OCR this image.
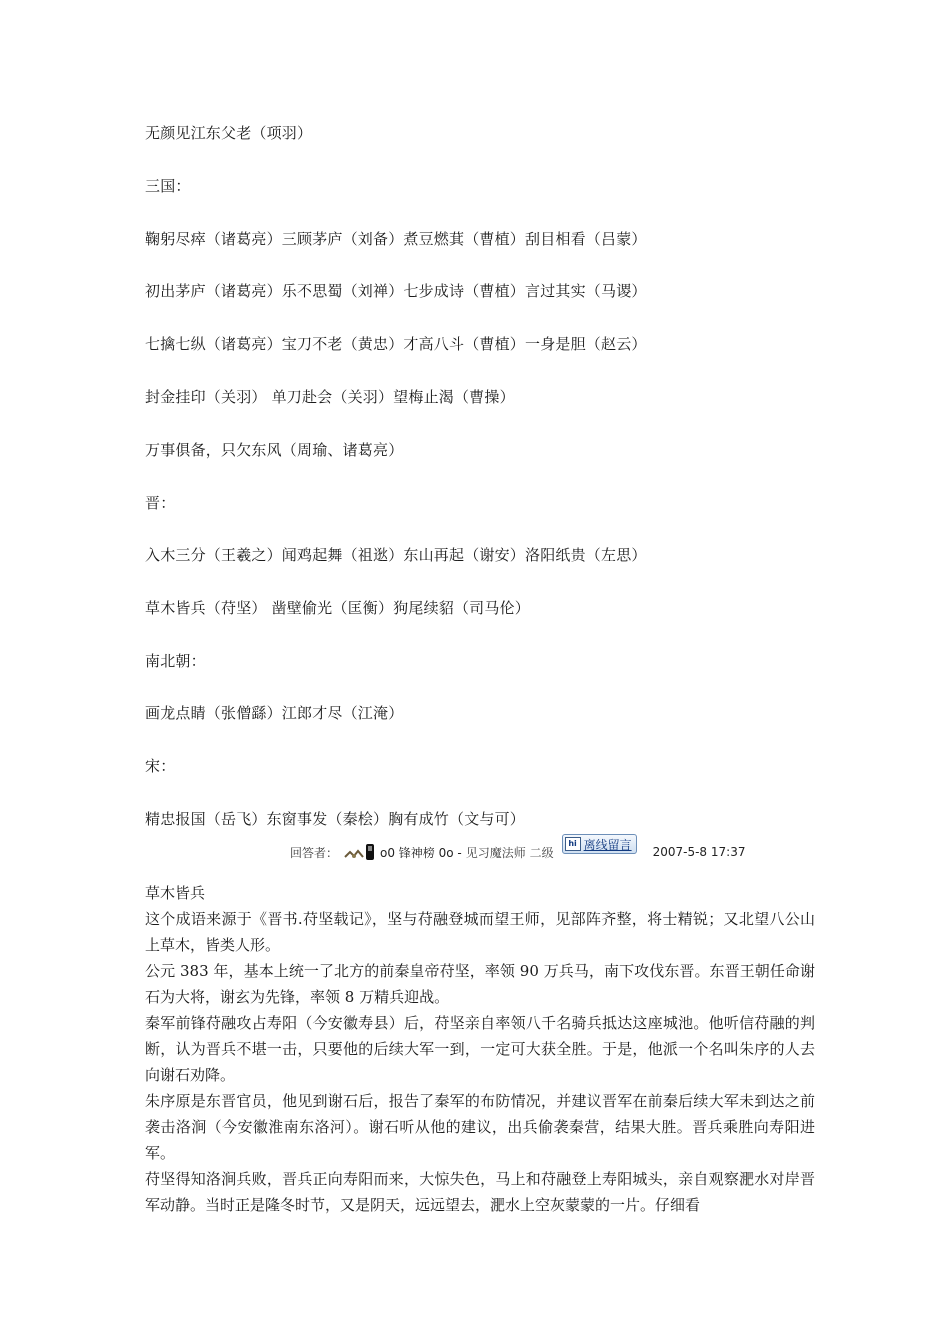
无颜见江东父老（项羽）
三国：
鞠躬尽瘁（诸葛亮）三顾茅庐（刘备）煮豆燃萁（曹植）刮目相看（吕蒙）
初出茅庐（诸葛亮）乐不思蜀（刘禅）七步成诗（曹植）言过其实（马谡）
七擒七纵（诸葛亮）宝刀不老（黄忠）才高八斗（曹植）一身是胆（赵云）
封金挂印（关羽） 单刀赴会（关羽）望梅止渴（曹操）
万事俱备，只欠东风（周瑜、诸葛亮）
晋：
入木三分（王羲之）闻鸡起舞（祖逖）东山再起（谢安）洛阳纸贵（左思）
草木皆兵（苻坚） 凿壁偷光（匡衡）狗尾续貂（司马伦）
南北朝：
画龙点睛（张僧繇）江郎才尽（江淹）
宋：
精忠报国（岳飞）东窗事发（秦桧）胸有成竹（文与可）
回答者：	o0 锋神榜 0o - 见习魔法师 二级
hi 离线留言
2007-5-8 17:37

草木皆兵

这个成语来源于《晋书.苻坚载记》，坚与苻融登城而望王师，见部阵齐整，将士精锐；又北望八公山上草木，皆类人形。

公元 383 年，基本上统一了北方的前秦皇帝苻坚，率领 90 万兵马，南下攻伐东晋。东晋王朝任命谢石为大将，谢玄为先锋，率领 8 万精兵迎战。

秦军前锋苻融攻占寿阳（今安徽寿县）后，苻坚亲自率领八千名骑兵抵达这座城池。他听信苻融的判断，认为晋兵不堪一击，只要他的后续大军一到，一定可大获全胜。于是，他派一个名叫朱序的人去向谢石劝降。

朱序原是东晋官员，他见到谢石后，报告了秦军的布防情况，并建议晋军在前秦后续大军未到达之前袭击洛涧（今安徽淮南东洛河）。谢石听从他的建议，出兵偷袭秦营，结果大胜。晋兵乘胜向寿阳进军。

苻坚得知洛涧兵败，晋兵正向寿阳而来，大惊失色，马上和苻融登上寿阳城头，亲自观察淝水对岸晋军动静。当时正是隆冬时节，又是阴天，远远望去，淝水上空灰蒙蒙的一片。仔细看
